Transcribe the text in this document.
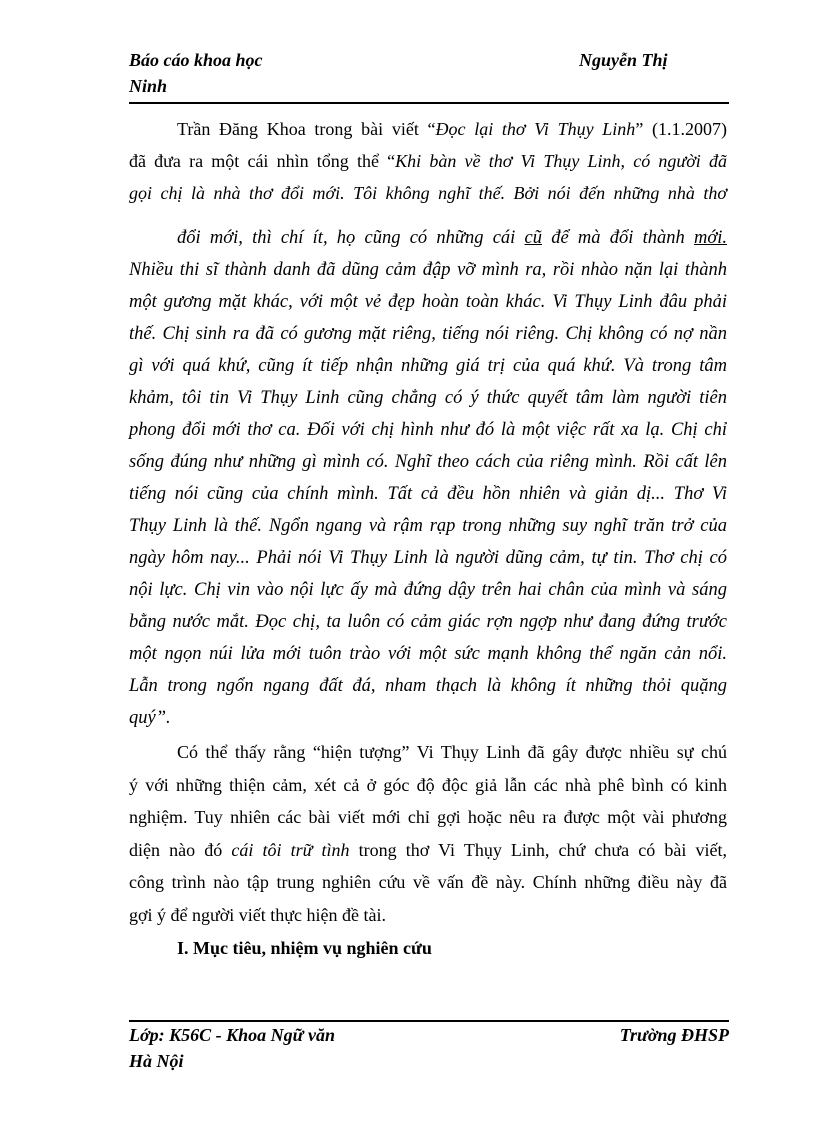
Báo cáo khoa học	Nguyễn Thị
Ninh
Trần Đăng Khoa trong bài viết “Đọc lại thơ Vi Thụy Linh” (1.1.2007)
đã đưa ra một cái nhìn tổng thể “Khi bàn về thơ Vi Thụy Linh, có người đã
gọi chị là nhà thơ đổi mới. Tôi không nghĩ thế. Bởi nói đến những nhà thơ
đổi mới, thì chí ít, họ cũng có những cái cũ để mà đổi thành mới.
Nhiều thi sĩ thành danh đã dũng cảm đập vỡ mình ra, rồi nhào nặn lại thành
một gương mặt khác, với một vẻ đẹp hoàn toàn khác. Vi Thụy Linh đâu phải
thế. Chị sinh ra đã có gương mặt riêng, tiếng nói riêng. Chị không có nợ nần
gì với quá khứ, cũng ít tiếp nhận những giá trị của quá khứ. Và trong tâm
khảm, tôi tin Vi Thụy Linh cũng chẳng có ý thức quyết tâm làm người tiên
phong đổi mới thơ ca. Đối với chị hình như đó là một việc rất xa lạ. Chị chỉ
sống đúng như những gì mình có. Nghĩ theo cách của riêng mình. Rồi cất lên
tiếng nói cũng của chính mình. Tất cả đều hồn nhiên và giản dị... Thơ Vi
Thụy Linh là thế. Ngổn ngang và rậm rạp trong những suy nghĩ trăn trở của
ngày hôm nay... Phải nói Vi Thụy Linh là người dũng cảm, tự tin. Thơ chị có
nội lực. Chị vin vào nội lực ấy mà đứng dậy trên hai chân của mình và sáng
bằng nước mắt. Đọc chị, ta luôn có cảm giác rợn ngợp như đang đứng trước
một ngọn núi lửa mới tuôn trào với một sức mạnh không thể ngăn cản nổi.
Lẫn trong ngổn ngang đất đá, nham thạch là không ít những thỏi quặng
quý”.
Có thể thấy rằng “hiện tượng” Vi Thụy Linh đã gây được nhiều sự chú
ý với những thiện cảm, xét cả ở góc độ độc giả lẫn các nhà phê bình có kinh
nghiệm. Tuy nhiên các bài viết mới chỉ gợi hoặc nêu ra được một vài phương
diện nào đó cái tôi trữ tình trong thơ Vi Thụy Linh, chứ chưa có bài viết,
công trình nào tập trung nghiên cứu về vấn đề này. Chính những điều này đã
gợi ý để người viết thực hiện đề tài.
I. Mục tiêu, nhiệm vụ nghiên cứu
Lớp: K56C - Khoa Ngữ văn	Trường ĐHSP
Hà Nội
